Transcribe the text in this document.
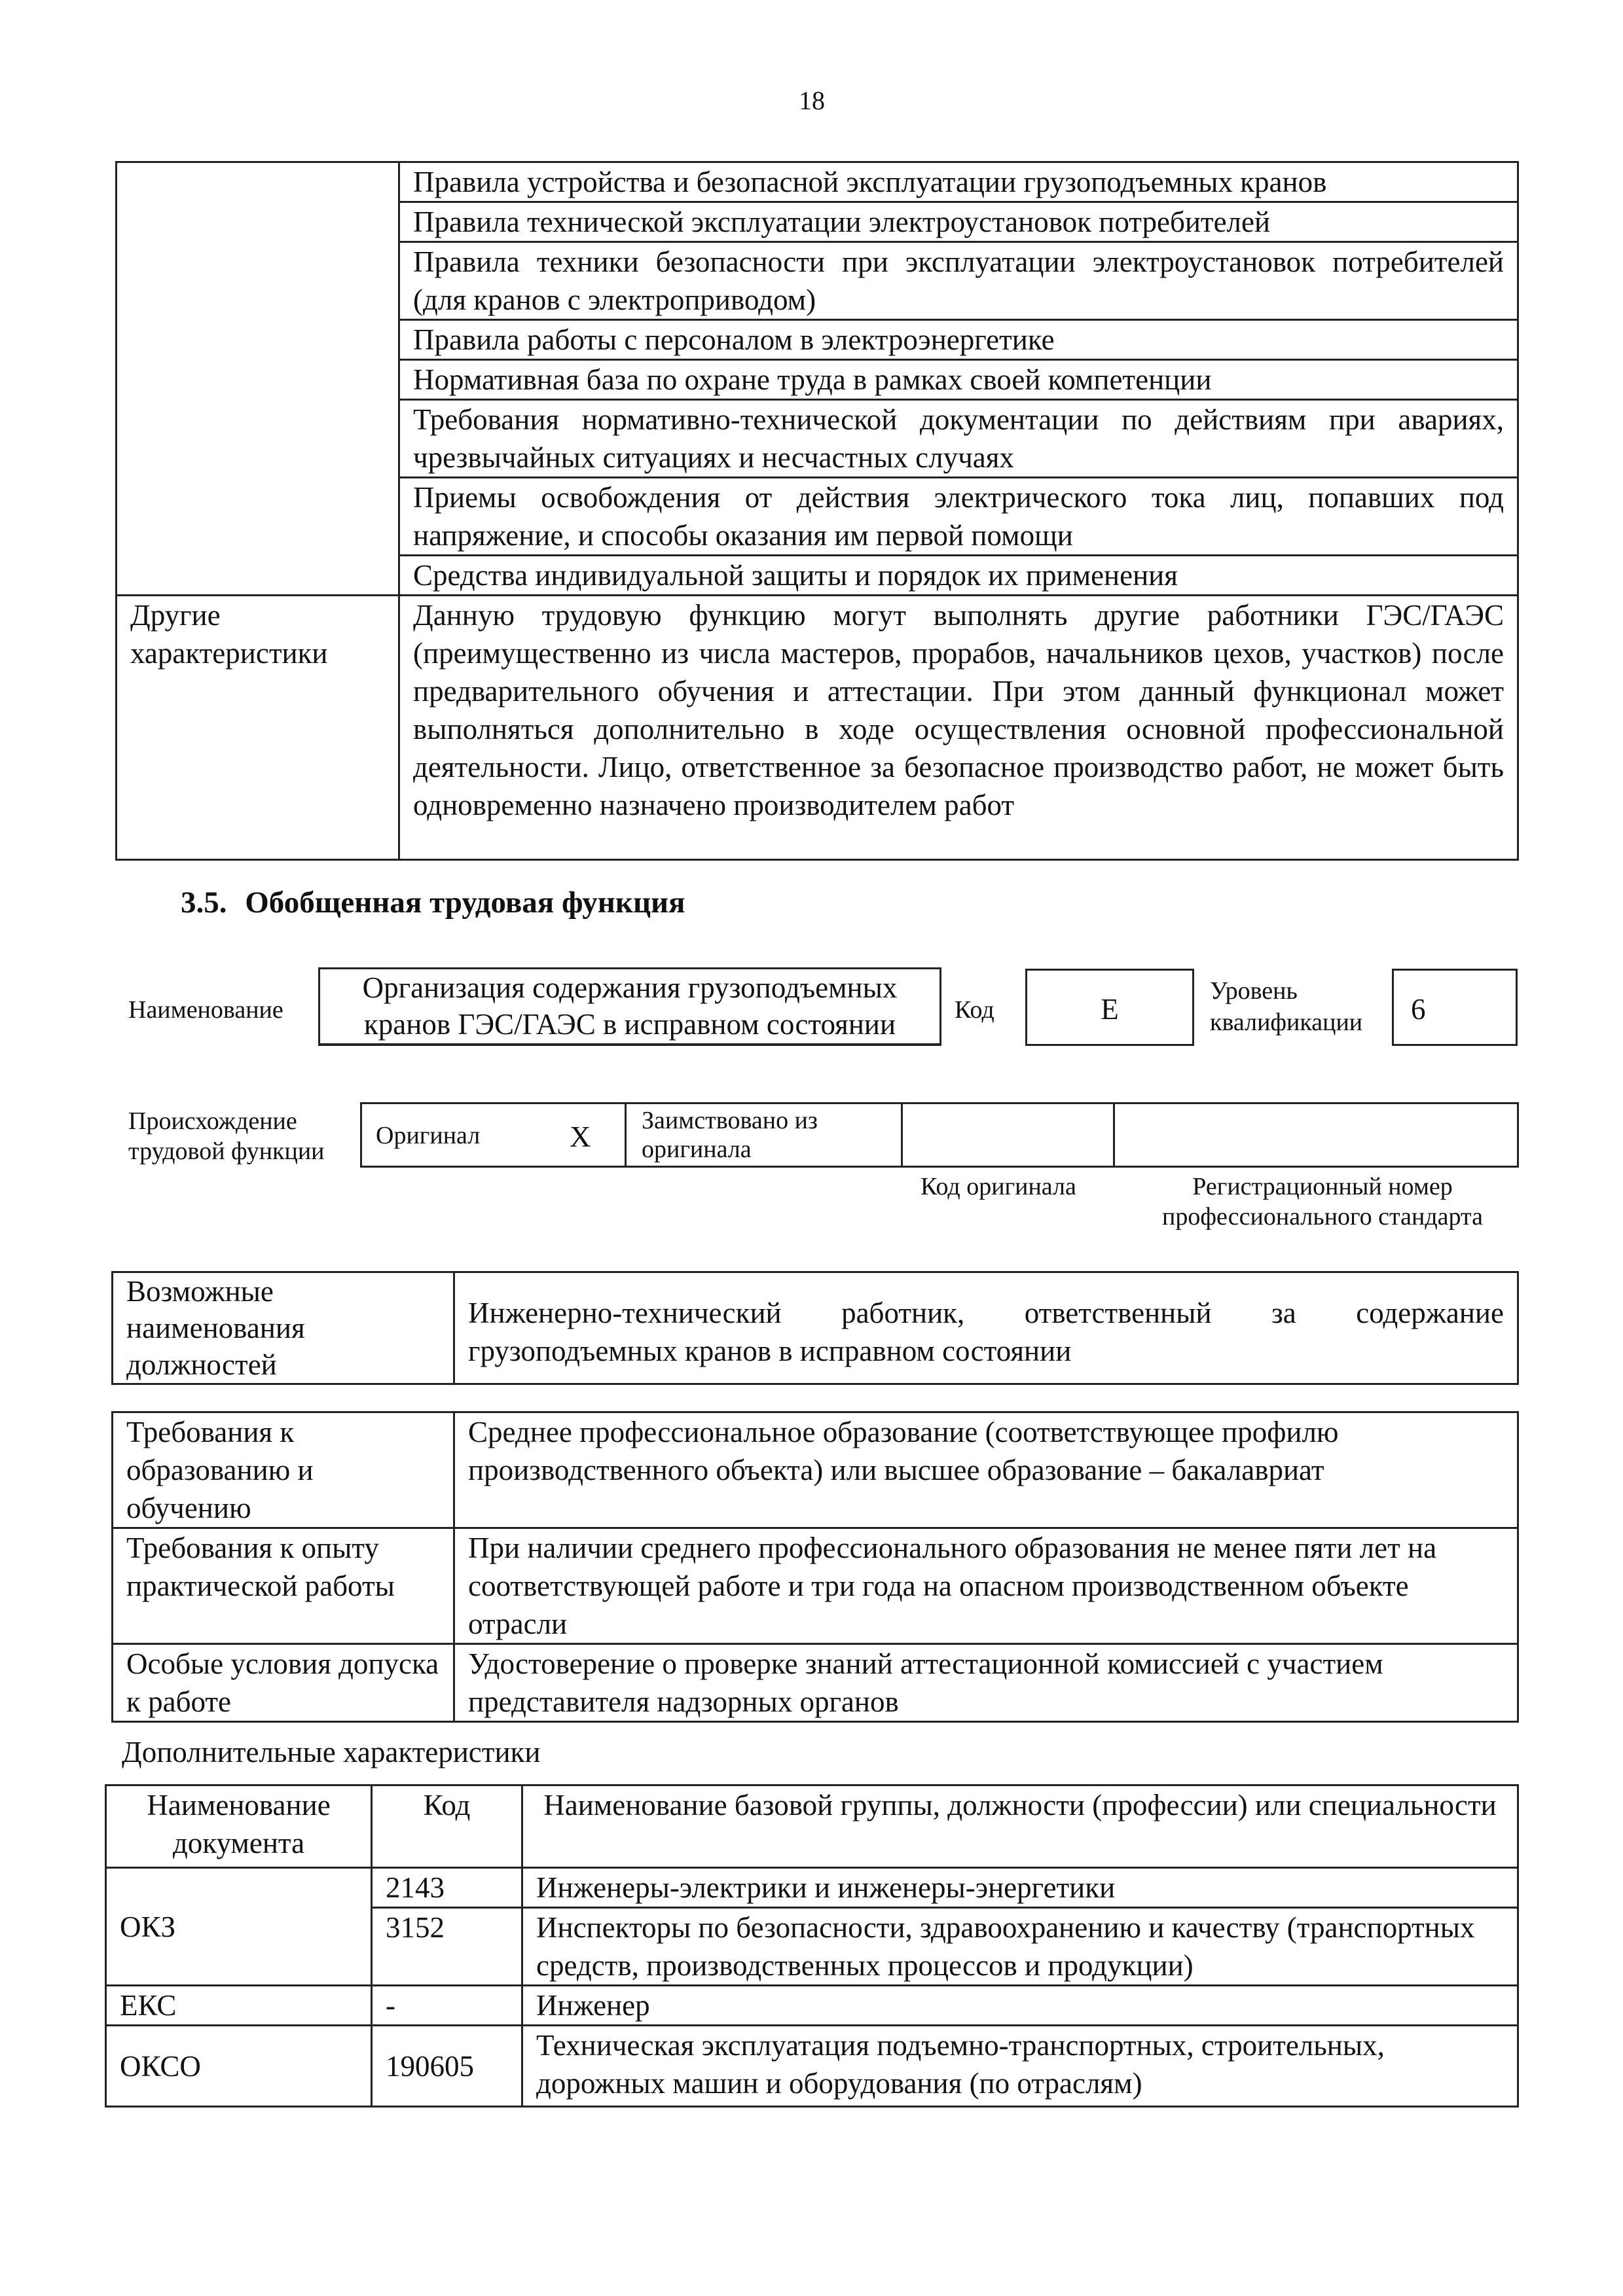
18
	Правила устройства и безопасной эксплуатации грузоподъемных кранов
	Правила технической эксплуатации электроустановок потребителей
	Правила техники безопасности при эксплуатации электроустановок потребителей (для кранов с электроприводом)
	Правила работы с персоналом в электроэнергетике
	Нормативная база по охране труда в рамках своей компетенции
	Требования нормативно-технической документации по действиям при авариях, чрезвычайных ситуациях и несчастных случаях
	Приемы освобождения от действия электрического тока лиц, попавших под напряжение, и способы оказания им первой помощи
	Средства индивидуальной защиты и порядок их применения
Другие характеристики	Данную трудовую функцию могут выполнять другие работники ГЭС/ГАЭС (преимущественно из числа мастеров, прорабов, начальников цехов, участков) после предварительного обучения и аттестации. При этом данный функционал может выполняться дополнительно в ходе осуществления основной профессиональной деятельности. Лицо, ответственное за безопасное производство работ, не может быть одновременно назначено производителем работ
3.5. Обобщенная трудовая функция
Наименование
Организация содержания грузоподъемных кранов ГЭС/ГАЭС в исправном состоянии	Код	E
Уровень квалификации	6
Происхождение трудовой функции
Оригинал	X Заимствовано из оригинала
Код оригинала	Регистрационный номер профессионального стандарта
Возможные наименования должностей	Инженерно-технический работник, ответственный за содержание грузоподъемных кранов в исправном состоянии
Требования к образованию и обучению	Среднее профессиональное образование (соответствующее профилю производственного объекта) или высшее образование – бакалавриат
Требования к опыту практической работы	При наличии среднего профессионального образования не менее пяти лет на соответствующей работе и три года на опасном производственном объекте отрасли
Особые условия допуска к работе	Удостоверение о проверке знаний аттестационной комиссией с участием представителя надзорных органов
Дополнительные характеристики
Наименование документа	Код	Наименование базовой группы, должности (профессии) или специальности
ОКЗ	2143	Инженеры-электрики и инженеры-энергетики
	3152	Инспекторы по безопасности, здравоохранению и качеству (транспортных средств, производственных процессов и продукции)
ЕКС	-	Инженер
ОКСО	190605	Техническая эксплуатация подъемно-транспортных, строительных, дорожных машин и оборудования (по отраслям)
